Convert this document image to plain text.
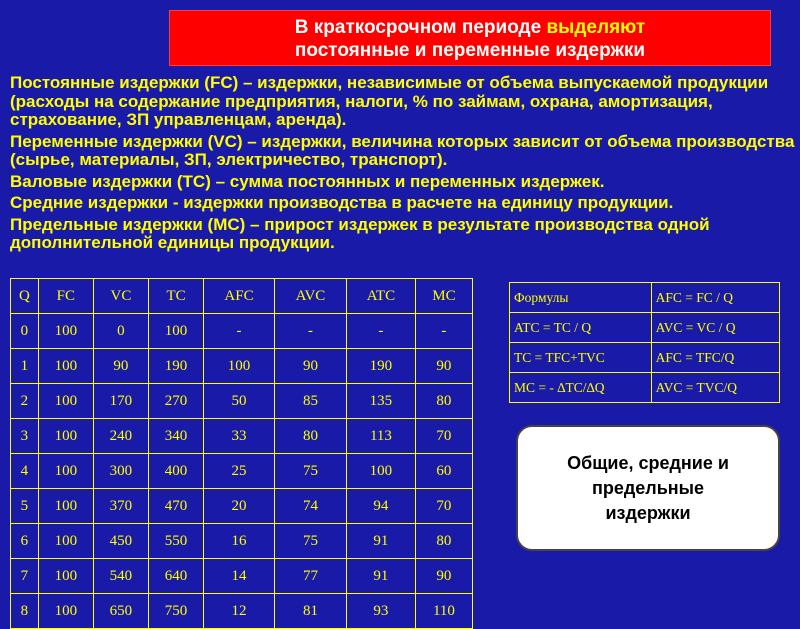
В краткосрочном периоде выделяют
постоянные и переменные издержки

Постоянные издержки (FC) – издержки, независимые от объема выпускаемой продукции (расходы на содержание предприятия, налоги, % по займам, охрана, амортизация, страхование, ЗП управленцам, аренда).

Переменные издержки (VC) – издержки, величина которых зависит от объема производства (сырье, материалы, ЗП, электричество, транспорт).

Валовые издержки (ТС) – сумма постоянных и переменных издержек.

Средние издержки - издержки производства в расчете на единицу продукции.

Предельные издержки (МС) – прирост издержек в результате производства одной дополнительной единицы продукции.

Q	FC	VC	TC	AFC	AVC	ATC	MC
0	100	0	100	-	-	-	-
1	100	90	190	100	90	190	90
2	100	170	270	50	85	135	80
3	100	240	340	33	80	113	70
4	100	300	400	25	75	100	60
5	100	370	470	20	74	94	70
6	100	450	550	16	75	91	80
7	100	540	640	14	77	91	90
8	100	650	750	12	81	93	110
Формулы	AFC = FC / Q
ATC = TC / Q	AVC = VC / Q
TC = TFC+TVC	AFC = TFC/Q
MC = - ∆TC/∆Q	AVC = TVC/Q
Общие, средние и
предельные
издержки
